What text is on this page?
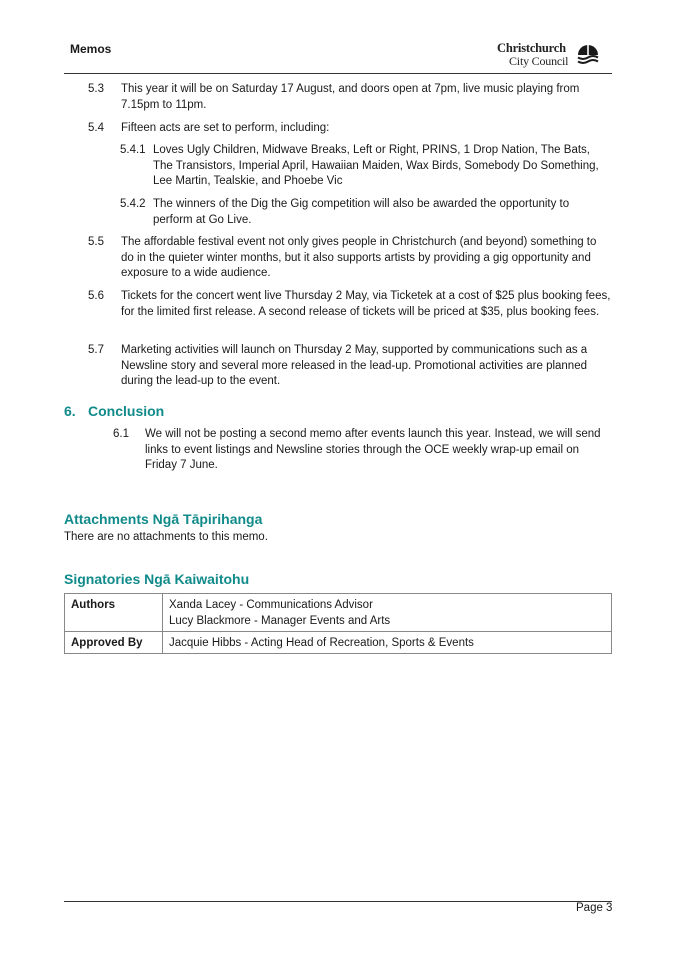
Memos	Christchurch
City Council
5.3 This year it will be on Saturday 17 August, and doors open at 7pm, live music playing from 7.15pm to 11pm.
5.4 Fifteen acts are set to perform, including:
5.4.1 Loves Ugly Children, Midwave Breaks, Left or Right, PRINS, 1 Drop Nation, The Bats, The Transistors, Imperial April, Hawaiian Maiden, Wax Birds, Somebody Do Something, Lee Martin, Tealskie, and Phoebe Vic
5.4.2 The winners of the Dig the Gig competition will also be awarded the opportunity to perform at Go Live.
5.5 The affordable festival event not only gives people in Christchurch (and beyond) something to do in the quieter winter months, but it also supports artists by providing a gig opportunity and exposure to a wide audience.
5.6 Tickets for the concert went live Thursday 2 May, via Ticketek at a cost of $25 plus booking fees, for the limited first release. A second release of tickets will be priced at $35, plus booking fees.
5.7 Marketing activities will launch on Thursday 2 May, supported by communications such as a Newsline story and several more released in the lead-up. Promotional activities are planned during the lead-up to the event.
6. Conclusion
6.1 We will not be posting a second memo after events launch this year. Instead, we will send links to event listings and Newsline stories through the OCE weekly wrap-up email on Friday 7 June.
Attachments Ngā Tāpirihanga
There are no attachments to this memo.
Signatories Ngā Kaiwaitohu
Authors	Xanda Lacey - Communications Advisor
Lucy Blackmore - Manager Events and Arts

Approved By	Jacquie Hibbs - Acting Head of Recreation, Sports & Events
Page 3
